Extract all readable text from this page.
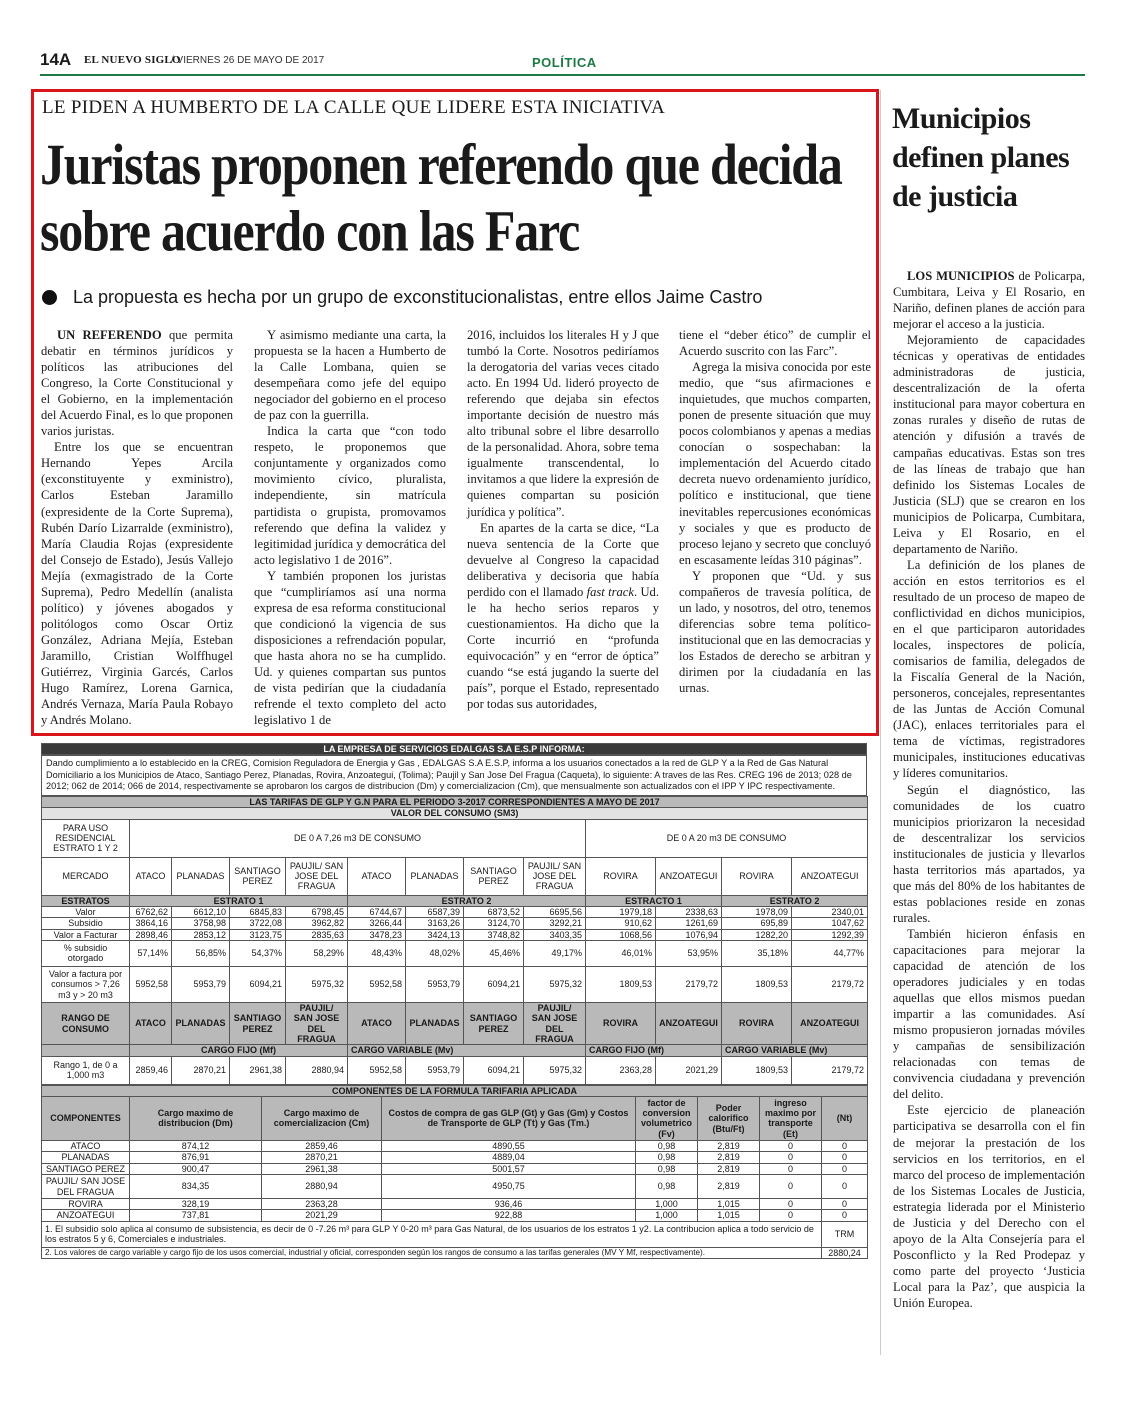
14A EL NUEVO SIGLO
/ VIERNES 26 DE MAYO DE 2017	POLÍTICA
LE PIDEN A HUMBERTO DE LA CALLE QUE LIDERE ESTA INICIATIVA
Juristas proponen referendo que decida sobre acuerdo con las Farc
La propuesta es hecha por un grupo de exconstitucionalistas, entre ellos Jaime Castro

UN REFERENDO que permita debatir en términos jurídicos y políticos las atribuciones del Congreso, la Corte Constitucional y el Gobierno, en la implementación del Acuerdo Final, es lo que proponen varios juristas.

Entre los que se encuentran Hernando Yepes Arcila (exconstituyente y exministro), Carlos Esteban Jaramillo (expresidente de la Corte Suprema), Rubén Darío Lizarralde (exministro), María Claudia Rojas (expresidente del Consejo de Estado), Jesús Vallejo Mejía (exmagistrado de la Corte Suprema), Pedro Medellín (analista político) y jóvenes abogados y politólogos como Oscar Ortiz González, Adriana Mejía, Esteban Jaramillo, Cristian Wolffhugel Gutiérrez, Virginia Garcés, Carlos Hugo Ramírez, Lorena Garnica, Andrés Vernaza, María Paula Robayo y Andrés Molano.

Y asimismo mediante una carta, la propuesta se la hacen a Humberto de la Calle Lombana, quien se desempeñara como jefe del equipo negociador del gobierno en el proceso de paz con la guerrilla.

Indica la carta que “con todo respeto, le proponemos que conjuntamente y organizados como movimiento cívico, pluralista, independiente, sin matrícula partidista o grupista, promovamos referendo que defina la validez y legitimidad jurídica y democrática del acto legislativo 1 de 2016”.

Y también proponen los juristas que “cumpliríamos así una norma expresa de esa reforma constitucional que condicionó la vigencia de sus disposiciones a refrendación popular, que hasta ahora no se ha cumplido. Ud. y quienes compartan sus puntos de vista pedirían que la ciudadanía refrende el texto completo del acto legislativo 1 de

2016, incluidos los literales H y J que tumbó la Corte. Nosotros pediríamos la derogatoria del varias veces citado acto. En 1994 Ud. lideró proyecto de referendo que dejaba sin efectos importante decisión de nuestro más alto tribunal sobre el libre desarrollo de la personalidad. Ahora, sobre tema igualmente transcendental, lo invitamos a que lidere la expresión de quienes compartan su posición jurídica y política”.

En apartes de la carta se dice, “La nueva sentencia de la Corte que devuelve al Congreso la capacidad deliberativa y decisoria que había perdido con el llamado fast track. Ud. le ha hecho serios reparos y cuestionamientos. Ha dicho que la Corte incurrió en “profunda equivocación” y en “error de óptica” cuando “se está jugando la suerte del país”, porque el Estado, representado por todas sus autoridades,

tiene el “deber ético” de cumplir el Acuerdo suscrito con las Farc”.

Agrega la misiva conocida por este medio, que “sus afirmaciones e inquietudes, que muchos comparten, ponen de presente situación que muy pocos colombianos y apenas a medias conocían o sospechaban: la implementación del Acuerdo citado decreta nuevo ordenamiento jurídico, político e institucional, que tiene inevitables repercusiones económicas y sociales y que es producto de proceso lejano y secreto que concluyó en escasamente leídas 310 páginas”.

Y proponen que “Ud. y sus compañeros de travesía política, de un lado, y nosotros, del otro, tenemos diferencias sobre tema político-institucional que en las democracias y los Estados de derecho se arbitran y dirimen por la ciudadanía en las urnas.

Municipios definen planes de justicia

LOS MUNICIPIOS de Policarpa, Cumbitara, Leiva y El Rosario, en Nariño, definen planes de acción para mejorar el acceso a la justicia.

Mejoramiento de capacidades técnicas y operativas de entidades administradoras de justicia, descentralización de la oferta institucional para mayor cobertura en zonas rurales y diseño de rutas de atención y difusión a través de campañas educativas. Estas son tres de las líneas de trabajo que han definido los Sistemas Locales de Justicia (SLJ) que se crearon en los municipios de Policarpa, Cumbitara, Leiva y El Rosario, en el departamento de Nariño.

La definición de los planes de acción en estos territorios es el resultado de un proceso de mapeo de conflictividad en dichos municipios, en el que participaron autoridades locales, inspectores de policía, comisarios de familia, delegados de la Fiscalía General de la Nación, personeros, concejales, representantes de las Juntas de Acción Comunal (JAC), enlaces territoriales para el tema de víctimas, registradores municipales, instituciones educativas y líderes comunitarios.

Según el diagnóstico, las comunidades de los cuatro municipios priorizaron la necesidad de descentralizar los servicios institucionales de justicia y llevarlos hasta territorios más apartados, ya que más del 80% de los habitantes de estas poblaciones reside en zonas rurales.

También hicieron énfasis en capacitaciones para mejorar la capacidad de atención de los operadores judiciales y en todas aquellas que ellos mismos puedan impartir a las comunidades. Así mismo propusieron jornadas móviles y campañas de sensibilización relacionadas con temas de convivencia ciudadana y prevención del delito.

Este ejercicio de planeación participativa se desarrolla con el fin de mejorar la prestación de los servicios en los territorios, en el marco del proceso de implementación de los Sistemas Locales de Justicia, estrategia liderada por el Ministerio de Justicia y del Derecho con el apoyo de la Alta Consejería para el Posconflicto y la Red Prodepaz y como parte del proyecto ‘Justicia Local para la Paz’, que auspicia la Unión Europea.

LA EMPRESA DE SERVICIOS EDALGAS S.A E.S.P INFORMA:
Dando cumplimiento a lo establecido en la CREG, Comision Reguladora de Energia y Gas , EDALGAS S.A E.S.P, informa a los usuarios conectados a la red de GLP Y a la Red de Gas Natural Domiciliario a los Municipios de Ataco, Santiago Perez, Planadas, Rovira, Anzoategui, (Tolima); Paujil y San Jose Del Fragua (Caqueta), lo siguiente: A traves de las Res. CREG 196 de 2013; 028 de 2012; 062 de 2014; 066 de 2014, respectivamente se aprobaron los cargos de distribucion (Dm) y comercializacion (Cm), que mensualmente son actualizados con el IPP Y IPC respectivamente.
LAS TARIFAS DE GLP Y G.N PARA EL PERIODO 3-2017 CORRESPONDIENTES A MAYO DE 2017												
VALOR DEL CONSUMO (SM3)												
PARA USO RESIDENCIAL ESTRATO 1 Y 2	DE 0 A 7,26 m3 DE CONSUMO								DE 0 A 20 m3 DE CONSUMO			
MERCADO	ATACO	PLANADAS	SANTIAGO PEREZ	PAUJIL/ SAN JOSE DEL FRAGUA	ATACO	PLANADAS	SANTIAGO PEREZ	PAUJIL/ SAN JOSE DEL FRAGUA	ROVIRA	ANZOATEGUI	ROVIRA	ANZOATEGUI
ESTRATOS	ESTRATO 1				ESTRATO 2				ESTRACTO 1		ESTRATO 2	
Valor	6762,62	6612,10	6845,83	6798,45	6744,67	6587,39	6873,52	6695,56	1979,18	2338,63	1978,09	2340,01
Subsidio	3864,16	3758,98	3722,08	3962,82	3266,44	3163,26	3124,70	3292,21	910,62	1261,69	695,89	1047,62
Valor a Facturar	2898,46	2853,12	3123,75	2835,63	3478,23	3424,13	3748,82	3403,35	1068,56	1076,94	1282,20	1292,39
% subsidio otorgado	57,14%	56,85%	54,37%	58,29%	48,43%	48,02%	45,46%	49,17%	46,01%	53,95%	35,18%	44,77%
Valor a factura por consumos > 7,26 m3 y > 20 m3	5952,58	5953,79	6094,21	5975,32	5952,58	5953,79	6094,21	5975,32	1809,53	2179,72	1809,53	2179,72
RANGO DE CONSUMO	ATACO	PLANADAS	SANTIAGO PEREZ	PAUJIL/ SAN JOSE DEL FRAGUA	ATACO	PLANADAS	SANTIAGO PEREZ	PAUJIL/ SAN JOSE DEL FRAGUA	ROVIRA	ANZOATEGUI	ROVIRA	ANZOATEGUI
	CARGO FIJO (Mf)				CARGO VARIABLE (Mv)				CARGO FIJO (Mf)		CARGO VARIABLE (Mv)	
Rango 1, de 0 a 1,000 m3	2859,46	2870,21	2961,38	2880,94	5952,58	5953,79	6094,21	5975,32	2363,28	2021,29	1809,53	2179,72
COMPONENTES DE LA FORMULA TARIFARIA APLICADA							
COMPONENTES	Cargo maximo de distribucion (Dm)	Cargo maximo de comercializacion (Cm)	Costos de compra de gas GLP (Gt) y Gas (Gm) y Costos de Transporte de GLP (Tt) y Gas (Tm.)	factor de conversion volumetrico (Fv)	Poder calorifico (Btu/Ft)	ingreso maximo por transporte (Et)	(Nt)
ATACO	874,12	2859,46	4890,55	0,98	2,819	0	0
PLANADAS	876,91	2870,21	4889,04	0,98	2,819	0	0
SANTIAGO PEREZ	900,47	2961,38	5001,57	0,98	2,819	0	0
PAUJIL/ SAN JOSE DEL FRAGUA	834,35	2880,94	4950,75	0,98	2,819	0	0
ROVIRA	328,19	2363,28	936,46	1,000	1,015	0	0
ANZOATEGUI	737,81	2021,29	922,88	1,000	1,015	0	0
1. El subsidio solo aplica al consumo de subsistencia, es decir de 0 -7.26 m³ para GLP Y 0-20 m³ para Gas Natural, de los usuarios de los estratos 1 y2. La contribucion aplica a todo servicio de los estratos 5 y 6, Comerciales e industriales.							TRM
2. Los valores de cargo variable y cargo fijo de los usos comercial, industrial y oficial, corresponden según los rangos de consumo a las tarifas generales (MV Y Mf, respectivamente).							2880,24
